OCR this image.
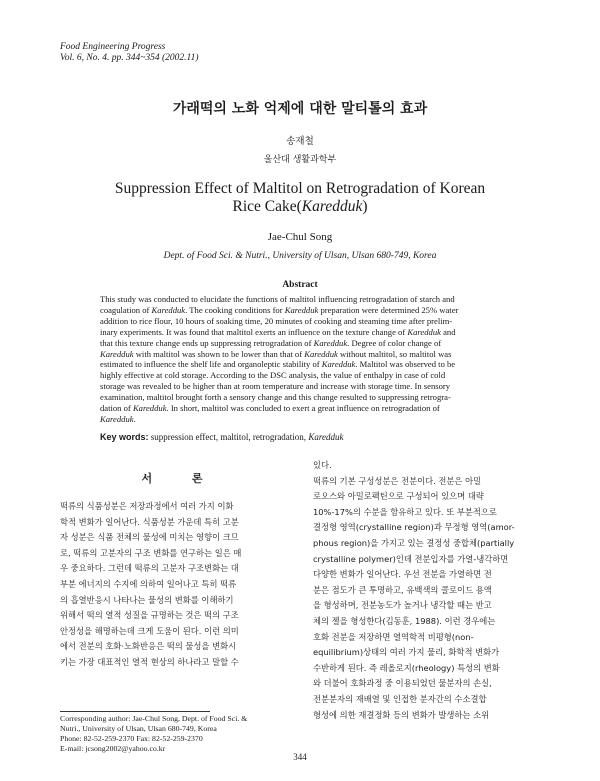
Food Engineering Progress
Vol. 6, No. 4. pp. 344~354 (2002.11)
가래떡의 노화 억제에 대한 말티톨의 효과
송재철
울산대 생활과학부
Suppression Effect of Maltitol on Retrogradation of Korean
Rice Cake(Karedduk)
Jae-Chul Song
Dept. of Food Sci. & Nutri., University of Ulsan, Ulsan 680-749, Korea
Abstract
This study was conducted to elucidate the functions of maltitol influencing retrogradation of starch and
coagulation of Karedduk. The cooking conditions for Karedduk preparation were determined 25% water
addition to rice flour, 10 hours of soaking time, 20 minutes of cooking and steaming time after prelim-
inary experiments. It was found that maltitol exerts an influence on the texture change of Karedduk and
that this texture change ends up suppressing retrogradation of Karedduk. Degree of color change of
Karedduk with maltitol was shown to be lower than that of Karedduk without maltitol, so maltitol was
estimated to influence the shelf life and organoleptic stability of Karedduk. Maltitol was observed to be
highly effective at cold storage. According to the DSC analysis, the value of enthalpy in case of cold
storage was revealed to be higher than at room temperature and increase with storage time. In sensory
examination, maltitol brought forth a sensory change and this change resulted to suppressing retrogra-
dation of Karedduk. In short, maltitol was concluded to exert a great influence on retrogradation of
Karedduk.
Key words: suppression effect, maltitol, retrogradation, Karedduk
서 론
떡류의 식품성분은 저장과정에서 여러 가지 이화
학적 변화가 일어난다. 식품성분 가운데 특히 고분
자 성분은 식품 전체의 물성에 미치는 영향이 크므
로, 떡류의 고분자의 구조 변화를 연구하는 일은 매
우 중요하다. 그런데 떡류의 고분자 구조변화는 대
부분 에너지의 수지에 의하여 일어나고 특히 떡류
의 흡열반응시 나타나는 물성의 변화를 이해하기
위해서 떡의 열적 성질을 규명하는 것은 떡의 구조
안정성을 해명하는데 크게 도움이 된다. 이런 의미
에서 전분의 호화·노화반응은 떡의 물성을 변화시
키는 가장 대표적인 열적 현상의 하나라고 말할 수
있다.
떡류의 기본 구성성분은 전분이다. 전분은 아밀
로오스와 아밀로펙틴으로 구성되어 있으며 대략
10%-17%의 수분을 함유하고 있다. 또 부분적으로
결정형 영역(crystalline region)과 무정형 영역(amor-
phous region)을 가지고 있는 결정성 중합체(partially
crystalline polymer)인데 전분입자를 가열-냉각하면
다양한 변화가 일어난다. 우선 전분을 가열하면 전
분은 점도가 큰 투명하고, 유백색의 콜로이드 용액
을 형성하며, 전분농도가 높거나 냉각할 때는 반고
체의 젤을 형성한다(김동훈, 1988). 이런 경우에는
호화 전분을 저장하면 열역학적 비평형(non-
equilibrium)상태의 여러 가지 물리, 화학적 변화가
수반하게 된다. 즉 레올로지(rheology) 특성의 변화
와 더불어 호화과정 중 이용되었던 물분자의 손실,
전분분자의 재배열 및 인접한 분자간의 수소결합
형성에 의한 재결정화 등의 변화가 발생하는 소위
Corresponding author: Jae-Chul Song, Dept. of Food Sci. &
Nutri., University of Ulsan, Ulsan 680-749, Korea
Phone: 82-52-259-2370 Fax: 82-52-259-2370
E-mail: jcsong2002@yahoo.co.kr
344
